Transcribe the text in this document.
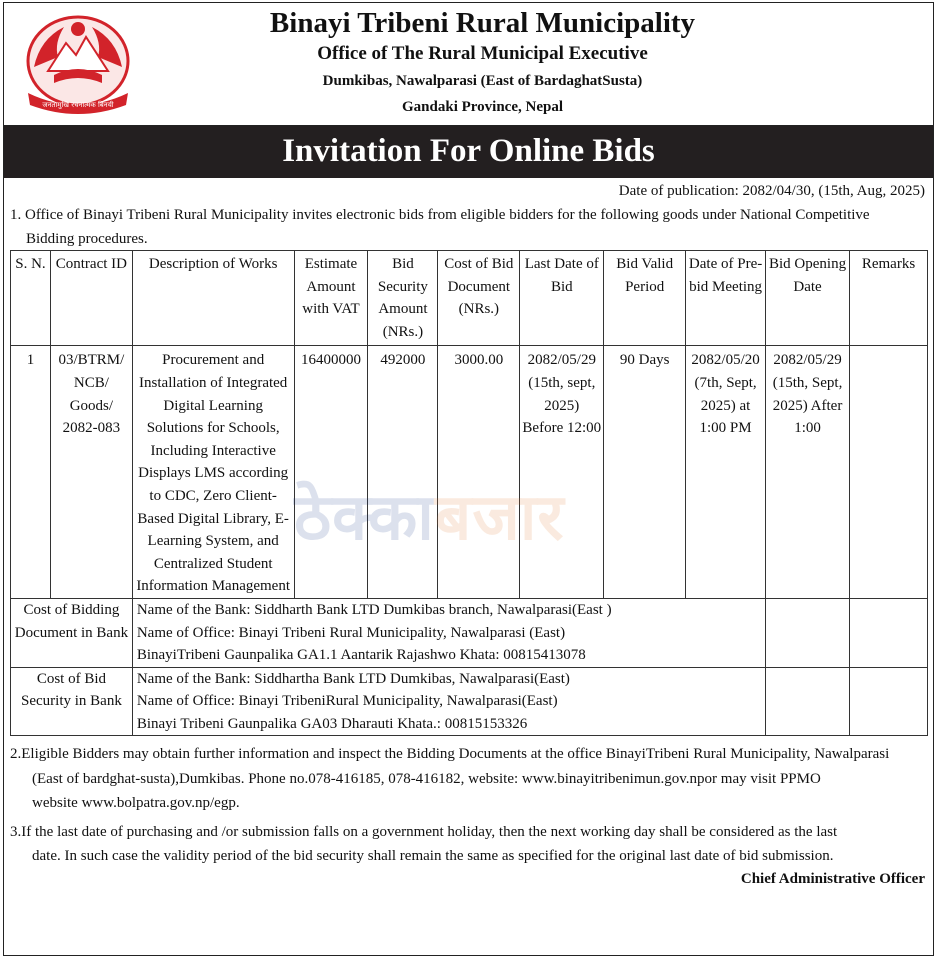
जनतामुखि रचनात्मक बिनयी
Binayi Tribeni Rural Municipality
Office of The Rural Municipal Executive
Dumkibas, Nawalparasi (East of BardaghatSusta)
Gandaki Province, Nepal
Invitation For Online Bids
Date of publication: 2082/04/30, (15th, Aug, 2025)
1. Office of Binayi Tribeni Rural Municipality invites electronic bids from eligible bidders for the following goods under National Competitive
Bidding procedures.
S. N.	Contract ID	Description of Works	Estimate Amount with VAT	Bid Security Amount (NRs.)	Cost of Bid Document (NRs.)	Last Date of Bid	Bid Valid Period	Date of Pre-bid Meeting	Bid Opening Date	Remarks
1	03/BTRM/ NCB/ Goods/ 2082-083	Procurement and Installation of Integrated Digital Learning Solutions for Schools, Including Interactive Displays LMS according to CDC, Zero Client-Based Digital Library, E-Learning System, and Centralized Student Information Management	16400000	492000	3000.00	2082/05/29 (15th, sept, 2025) Before 12:00	90 Days	2082/05/20 (7th, Sept, 2025) at 1:00 PM	2082/05/29 (15th, Sept, 2025) After 1:00	
Cost of Bidding Document in Bank		Name of the Bank: Siddharth Bank LTD Dumkibas branch, Nawalparasi(East )
Name of Office: Binayi Tribeni Rural Municipality, Nawalparasi (East)
BinayiTribeni Gaunpalika GA1.1 Aantarik Rajashwo Khata: 00815413078								

Cost of Bid Security in Bank		Name of the Bank: Siddhartha Bank LTD Dumkibas, Nawalparasi(East)
Name of Office: Binayi TribeniRural Municipality, Nawalparasi(East)
Binayi Tribeni Gaunpalika GA03 Dharauti Khata.: 00815153326								

2.Eligible Bidders may obtain further information and inspect the Bidding Documents at the office BinayiTribeni Rural Municipality, Nawalparasi
(East of bardghat-susta),Dumkibas. Phone no.078-416185, 078-416182, website: www.binayitribenimun.gov.npor may visit PPMO
website www.bolpatra.gov.np/egp.
3.If the last date of purchasing and /or submission falls on a government holiday, then the next working day shall be considered as the last
date. In such case the validity period of the bid security shall remain the same as specified for the original last date of bid submission.
Chief Administrative Officer
ठेक्काबजार
